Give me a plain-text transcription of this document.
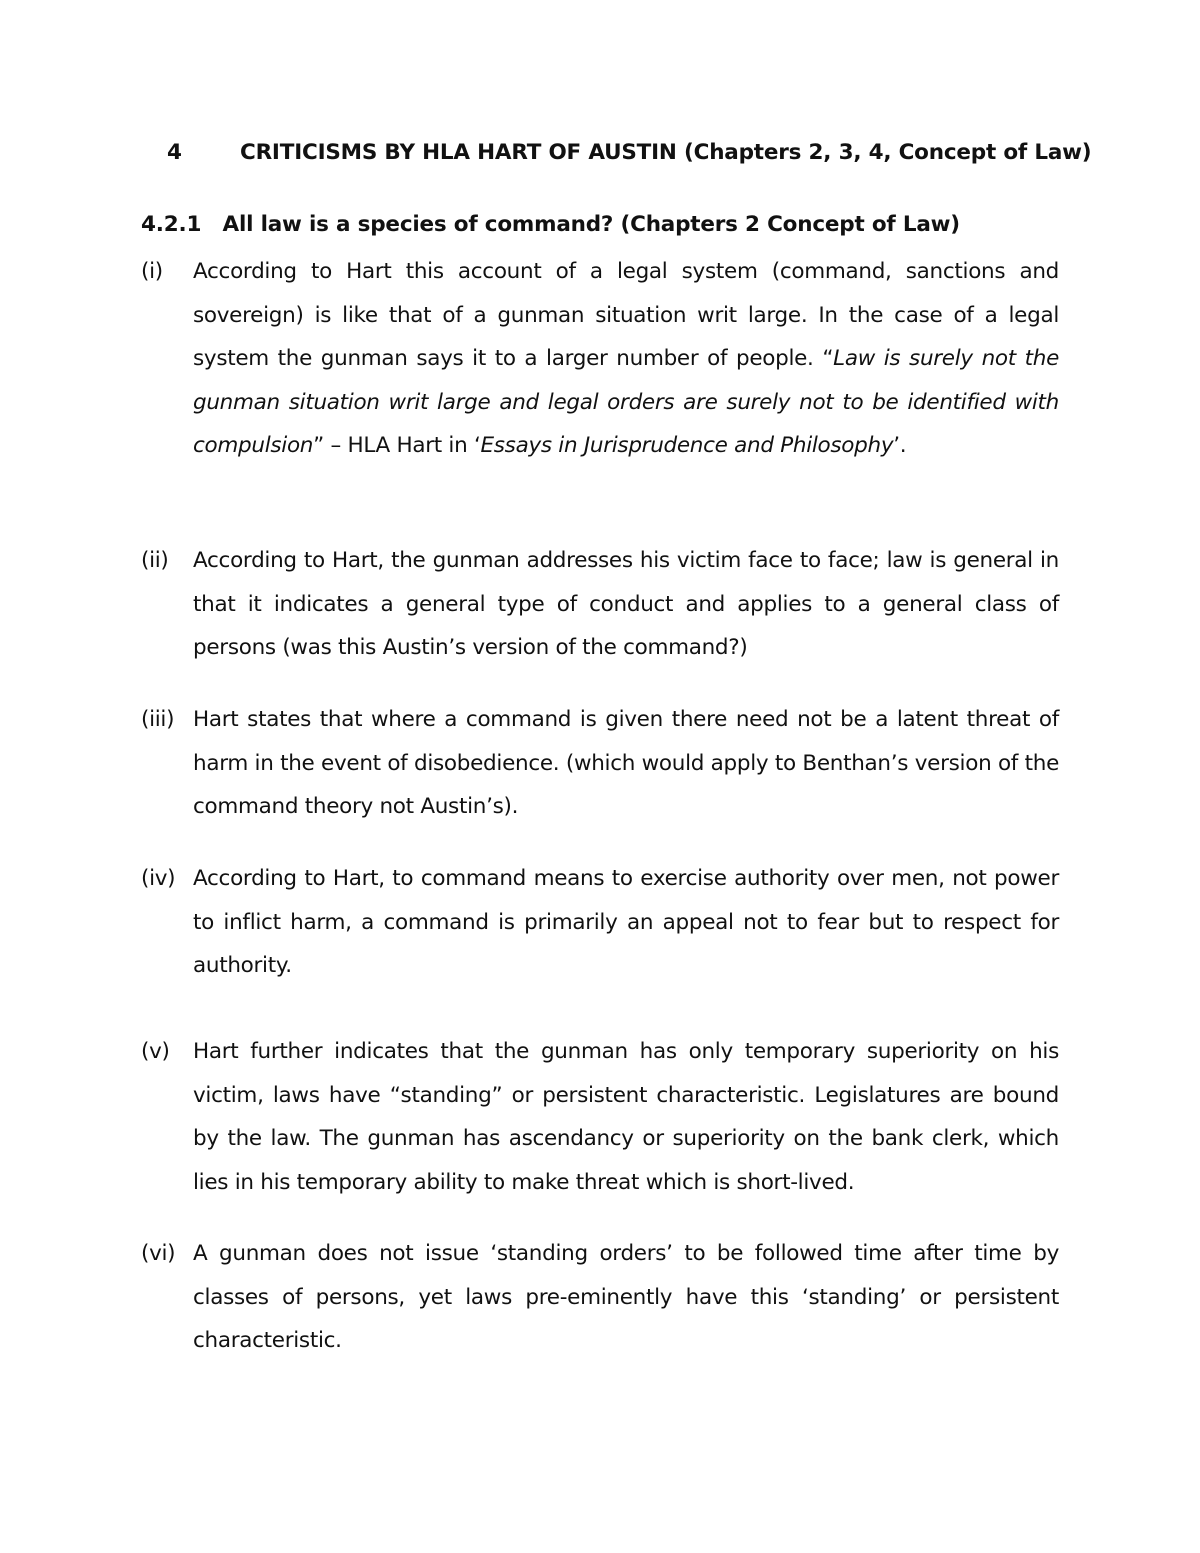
4	CRITICISMS BY HLA HART OF AUSTIN (Chapters 2, 3, 4, Concept of Law)
4.2.1 All law is a species of command? (Chapters 2 Concept of Law)
(i) According to Hart this account of a legal system (command, sanctions and sovereign) is like that of a gunman situation writ large. In the case of a legal system the gunman says it to a larger number of people. “Law is surely not the gunman situation writ large and legal orders are surely not to be identified with compulsion” – HLA Hart in ‘Essays in Jurisprudence and Philosophy’.
(ii) According to Hart, the gunman addresses his victim face to face; law is general in that it indicates a general type of conduct and applies to a general class of persons (was this Austin’s version of the command?)
(iii) Hart states that where a command is given there need not be a latent threat of harm in the event of disobedience. (which would apply to Benthan’s version of the command theory not Austin’s).
(iv) According to Hart, to command means to exercise authority over men, not power to inflict harm, a command is primarily an appeal not to fear but to respect for authority.
(v) Hart further indicates that the gunman has only temporary superiority on his victim, laws have “standing” or persistent characteristic. Legislatures are bound by the law. The gunman has ascendancy or superiority on the bank clerk, which lies in his temporary ability to make threat which is short-lived.
(vi) A gunman does not issue ‘standing orders’ to be followed time after time by classes of persons, yet laws pre-eminently have this ‘standing’ or persistent characteristic.
